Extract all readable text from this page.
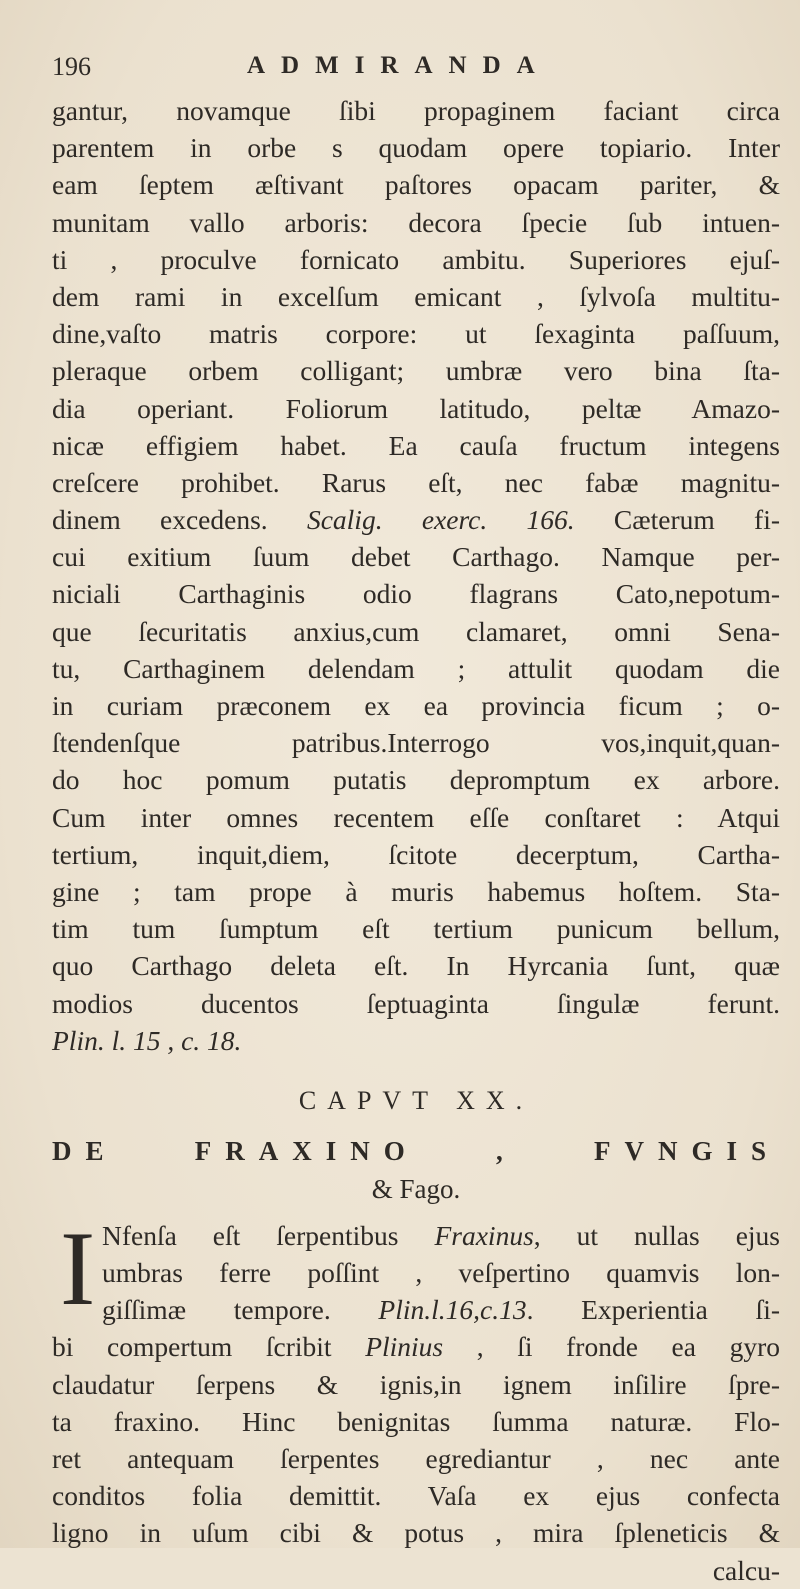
196	ADMIRANDA
gantur, novamque ſibi propaginem faciant circa
parentem in orbe s quodam opere topiario. Inter
eam ſeptem æſtivant paſtores opacam pariter, &
munitam vallo arboris: decora ſpecie ſub intuen-
ti , proculve fornicato ambitu. Superiores ejuſ-
dem rami in excelſum emicant , ſylvoſa multitu-
dine,vaſto matris corpore: ut ſexaginta paſſuum,
pleraque orbem colligant; umbræ vero bina ſta-
dia operiant. Foliorum latitudo, peltæ Amazo-
nicæ effigiem habet. Ea cauſa fructum integens
creſcere prohibet. Rarus eſt, nec fabæ magnitu-
dinem excedens. Scalig. exerc. 166. Cæterum fi-
cui exitium ſuum debet Carthago. Namque per-
niciali Carthaginis odio flagrans Cato,nepotum-
que ſecuritatis anxius,cum clamaret, omni Sena-
tu, Carthaginem delendam ; attulit quodam die
in curiam præconem ex ea provincia ficum ; o-
ſtendenſque patribus.Interrogo vos,inquit,quan-
do hoc pomum putatis depromptum ex arbore.
Cum inter omnes recentem eſſe conſtaret : Atqui
tertium, inquit,diem, ſcitote decerptum, Cartha-
gine ; tam prope à muris habemus hoſtem. Sta-
tim tum ſumptum eſt tertium punicum bellum,
quo Carthago deleta eſt. In Hyrcania ſunt, quæ
modios ducentos ſeptuaginta ſingulæ ferunt.
Plin. l. 15 , c. 18.
CAPVT XX.
DE FRAXINO , FVNGIS
& Fago.
I Nfenſa eſt ſerpentibus Fraxinus, ut nullas ejus
umbras ferre poſſint , veſpertino quamvis lon-
giſſimæ tempore. Plin.l.16,c.13. Experientia ſi-
bi compertum ſcribit Plinius , ſi fronde ea gyro
claudatur ſerpens & ignis,in ignem inſilire ſpre-
ta fraxino. Hinc benignitas ſumma naturæ. Flo-
ret antequam ſerpentes egrediantur , nec ante
conditos folia demittit. Vaſa ex ejus confecta
ligno in uſum cibi & potus , mira ſpleneticis &
calcu-
